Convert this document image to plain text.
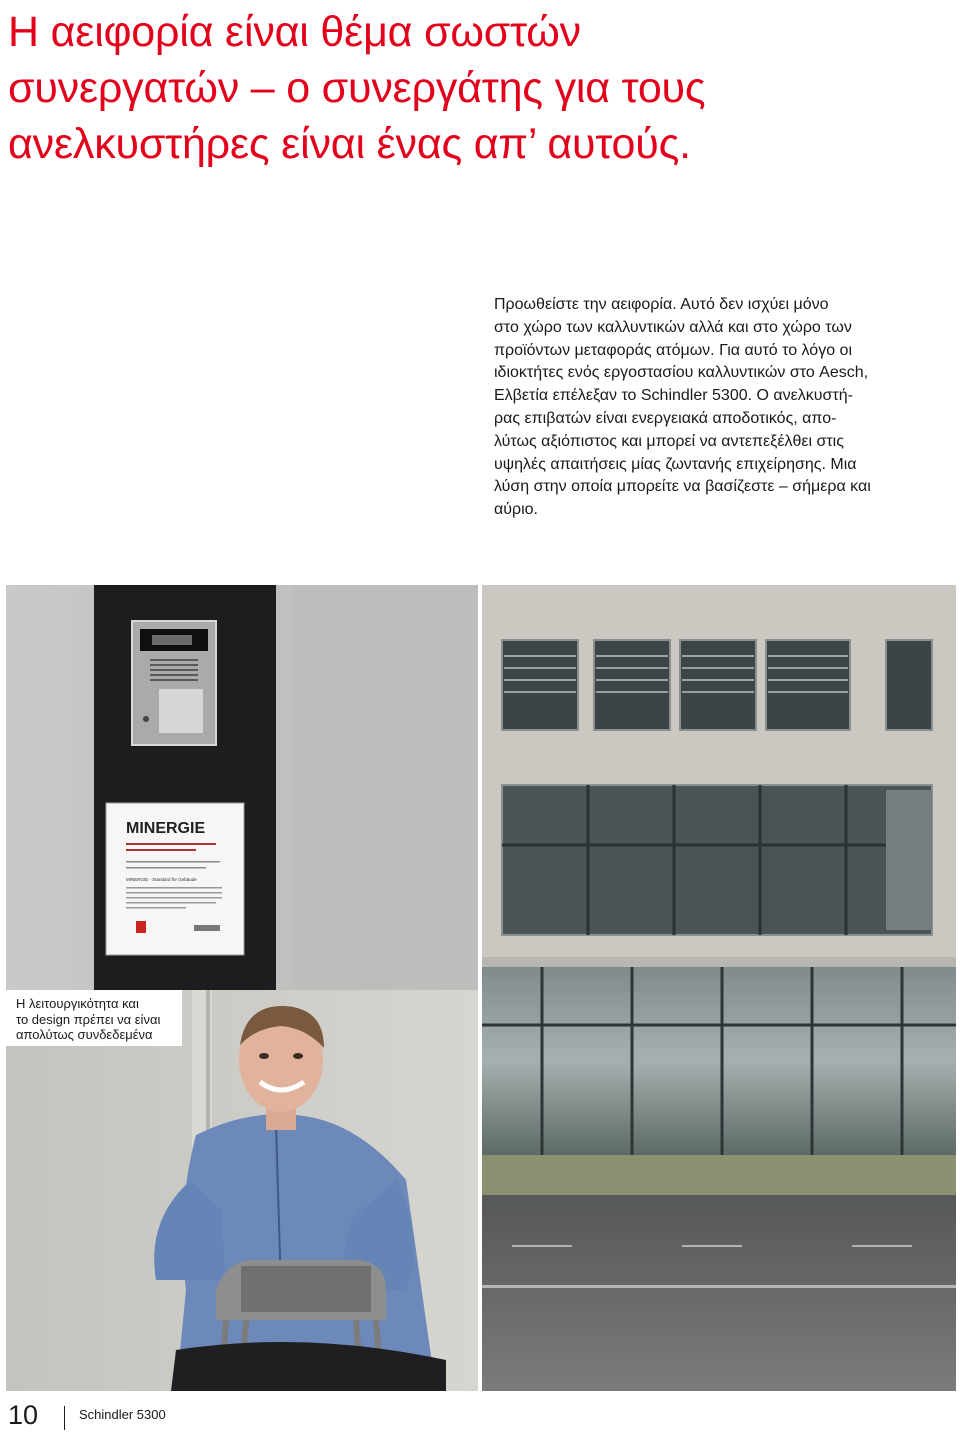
Η αειφορία είναι θέμα σωστών
συνεργατών – ο συνεργάτης για τους
ανελκυστήρες είναι ένας απ’ αυτούς.

Προωθείστε την αειφορία. Αυτό δεν ισχύει μόνο
στο χώρο των καλλυντικών αλλά και στο χώρο των
προϊόντων μεταφοράς ατόμων. Για αυτό το λόγο οι
ιδιοκτήτες ενός εργοστασίου καλλυντικών στο Aesch,
Ελβετία επέλεξαν το Schindler 5300. Ο ανελκυστή-
ρας επιβατών είναι ενεργειακά αποδοτικός, απο-
λύτως αξιόπιστος και μπορεί να αντεπεξέλθει στις
υψηλές απαιτήσεις μίας ζωντανής επιχείρησης. Μια
λύση στην οποία μπορείτε να βασίζεστε – σήμερα και
αύριο.

MINERGIE
MINERGIE - Standard für Gebäude
Η λειτουργικότητα και
το design πρέπει να είναι
απολύτως συνδεδεμένα
10	Schindler 5300
